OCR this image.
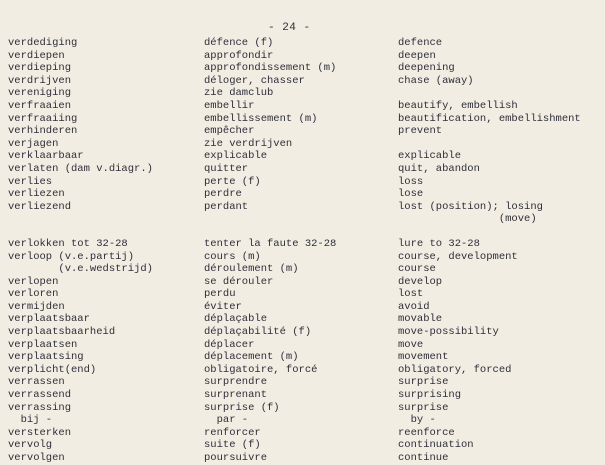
- 24 -
verdediging
verdiepen
verdieping
verdrijven
vereniging
verfraaien
verfraaiing
verhinderen
verjagen
verklaarbaar
verlaten (dam v.diagr.)
verlies
verliezen
verliezend
verlokken tot 32-28
verloop (v.e.partij)
(v.e.wedstrijd)
verlopen
verloren
vermijden
verplaatsbaar
verplaatsbaarheid
verplaatsen
verplaatsing
verplicht(end)
verrassen
verrassend
verrassing
bij -
versterken
vervolg
vervolgen
défence (f)
approfondir
approfondissement (m)
déloger, chasser
zie damclub
embellir
embellissement (m)
empêcher
zie verdrijven
explicable
quitter
perte (f)
perdre
perdant
tenter la faute 32-28
cours (m)
déroulement (m)
se dérouler
perdu
éviter
déplaçable
déplaçabilité (f)
déplacer
déplacement (m)
obligatoire, forcé
surprendre
surprenant
surprise (f)
par -
renforcer
suite (f)
poursuivre
defence
deepen
deepening
chase (away)
beautify, embellish
beautification, embellishment
prevent
explicable
quit, abandon
loss
lose
lost (position); losing
(move)
lure to 32-28
course, development
course
develop
lost
avoid
movable
move-possibility
move
movement
obligatory, forced
surprise
surprising
surprise
by -
reenforce
continuation
continue
